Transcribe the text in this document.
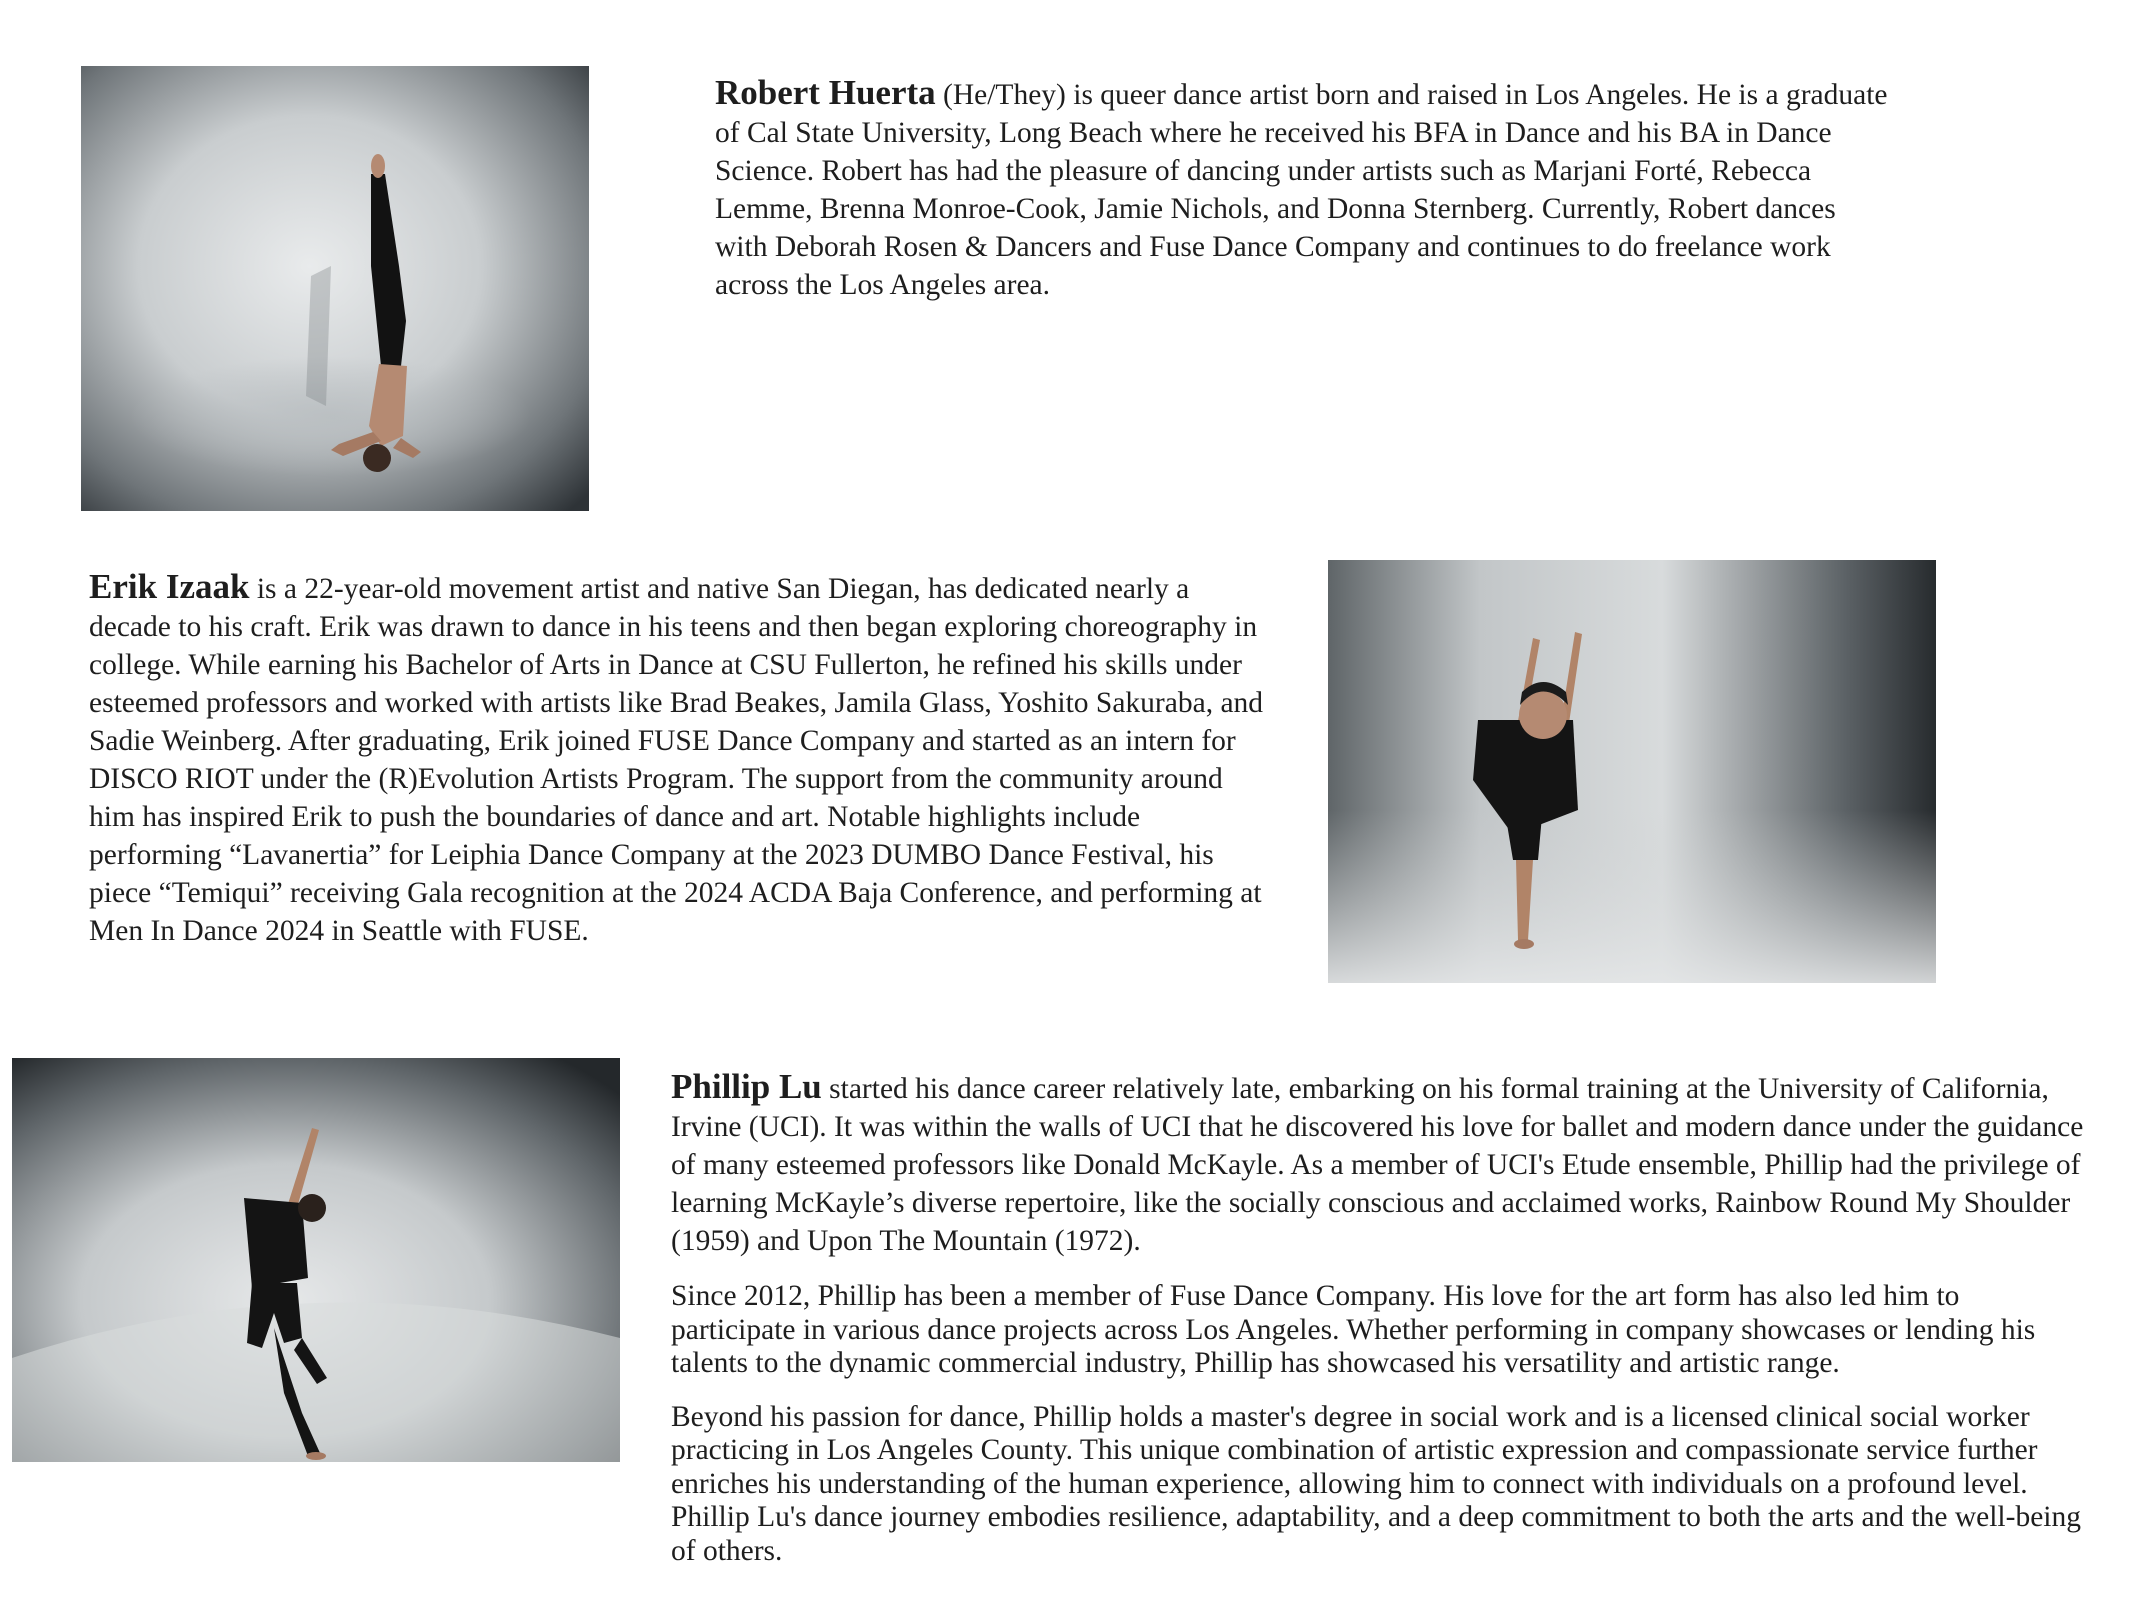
Robert Huerta (He/They) is queer dance artist born and raised in Los Angeles. He is a graduate of Cal State University, Long Beach where he received his BFA in Dance and his BA in Dance Science. Robert has had the pleasure of dancing under artists such as Marjani Forté, Rebecca Lemme, Brenna Monroe-Cook, Jamie Nichols, and Donna Sternberg. Currently, Robert dances with Deborah Rosen & Dancers and Fuse Dance Company and continues to do freelance work across the Los Angeles area.

Erik Izaak is a 22-year-old movement artist and native San Diegan, has dedicated nearly a decade to his craft. Erik was drawn to dance in his teens and then began exploring choreography in college. While earning his Bachelor of Arts in Dance at CSU Fullerton, he refined his skills under esteemed professors and worked with artists like Brad Beakes, Jamila Glass, Yoshito Sakuraba, and Sadie Weinberg. After graduating, Erik joined FUSE Dance Company and started as an intern for DISCO RIOT under the (R)Evolution Artists Program. The support from the community around him has inspired Erik to push the boundaries of dance and art. Notable highlights include performing “Lavanertia” for Leiphia Dance Company at the 2023 DUMBO Dance Festival, his piece “Temiqui” receiving Gala recognition at the 2024 ACDA Baja Conference, and performing at Men In Dance 2024 in Seattle with FUSE.

Phillip Lu started his dance career relatively late, embarking on his formal training at the University of California, Irvine (UCI). It was within the walls of UCI that he discovered his love for ballet and modern dance under the guidance of many esteemed professors like Donald McKayle. As a member of UCI's Etude ensemble, Phillip had the privilege of learning McKayle’s diverse repertoire, like the socially conscious and acclaimed works, Rainbow Round My Shoulder (1959) and Upon The Mountain (1972).

Since 2012, Phillip has been a member of Fuse Dance Company. His love for the art form has also led him to participate in various dance projects across Los Angeles. Whether performing in company showcases or lending his talents to the dynamic commercial industry, Phillip has showcased his versatility and artistic range.

Beyond his passion for dance, Phillip holds a master's degree in social work and is a licensed clinical social worker practicing in Los Angeles County. This unique combination of artistic expression and compassionate service further enriches his understanding of the human experience, allowing him to connect with individuals on a profound level. Phillip Lu's dance journey embodies resilience, adaptability, and a deep commitment to both the arts and the well-being of others.
